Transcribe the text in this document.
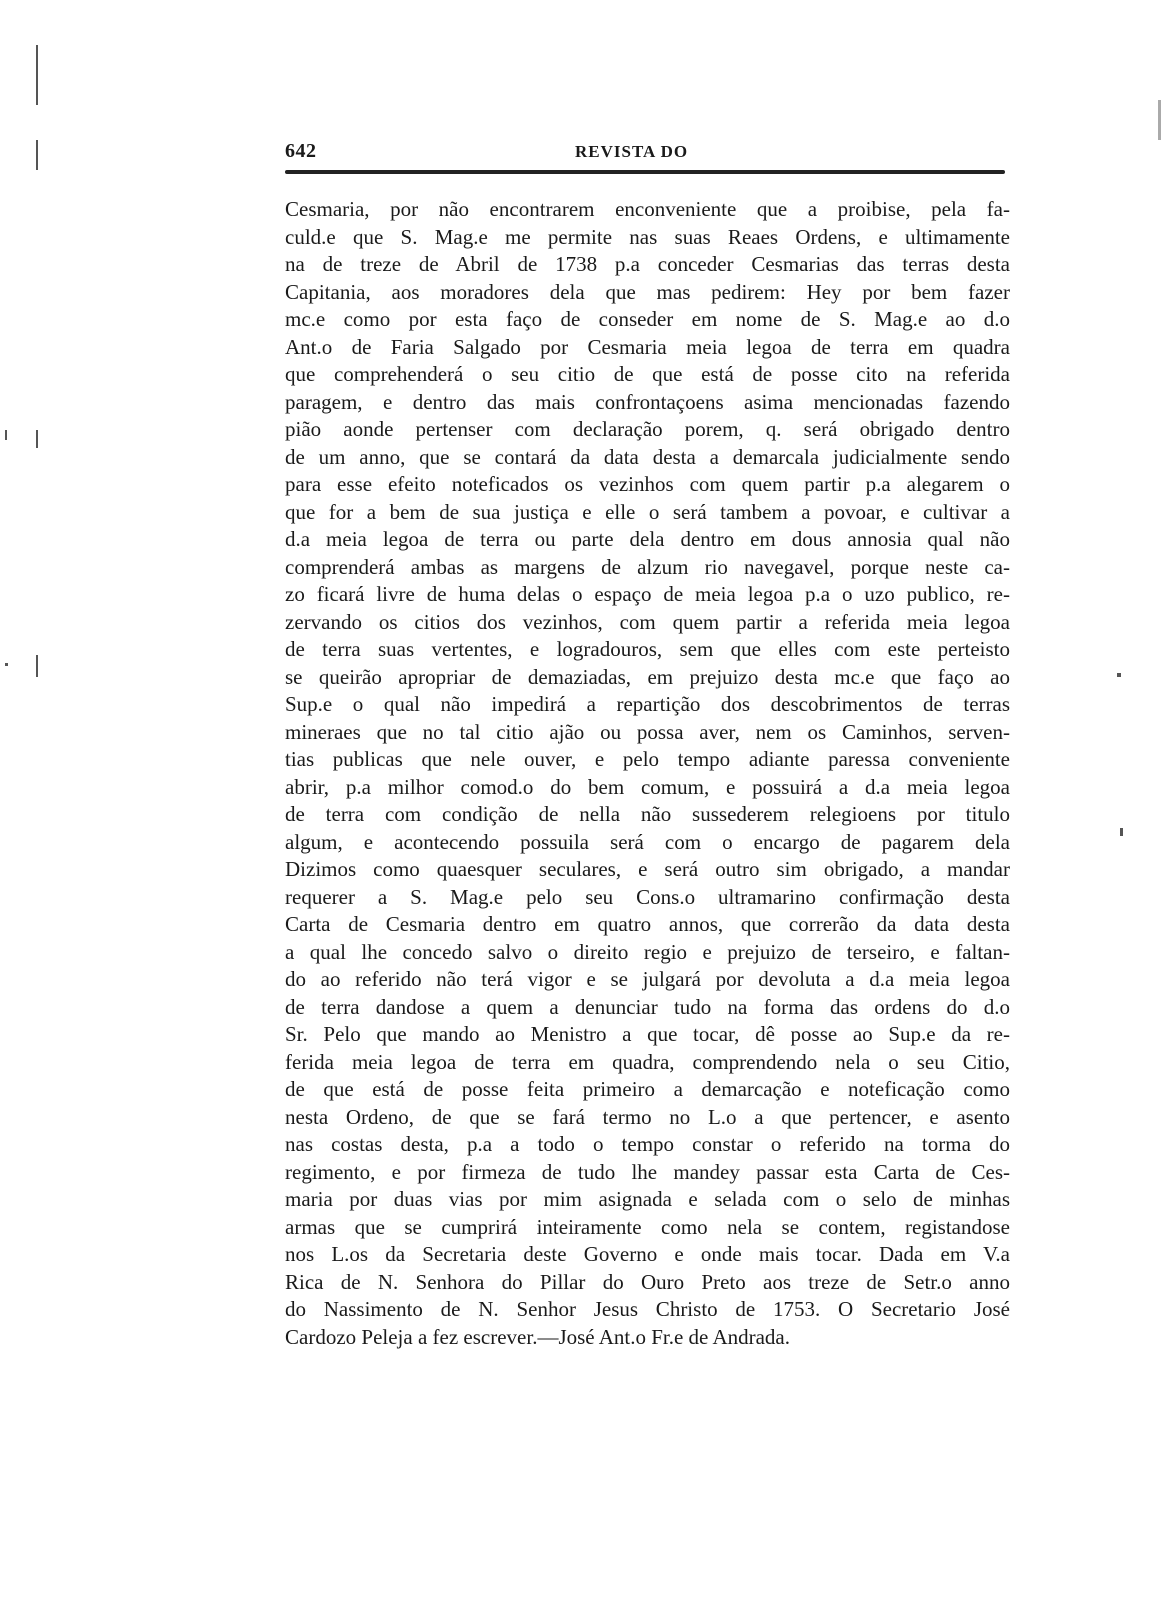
642	REVISTA DO
Cesmaria, por não encontrarem enconveniente que a proibise, pela fa-
culd.e que S. Mag.e me permite nas suas Reaes Ordens, e ultimamente
na de treze de Abril de 1738 p.a conceder Cesmarias das terras desta
Capitania, aos moradores dela que mas pedirem: Hey por bem fazer
mc.e como por esta faço de conseder em nome de S. Mag.e ao d.o
Ant.o de Faria Salgado por Cesmaria meia legoa de terra em quadra
que comprehenderá o seu citio de que está de posse cito na referida
paragem, e dentro das mais confrontaçoens asima mencionadas fazendo
pião aonde pertenser com declaração porem, q. será obrigado dentro
de um anno, que se contará da data desta a demarcala judicialmente sendo
para esse efeito noteficados os vezinhos com quem partir p.a alegarem o
que for a bem de sua justiça e elle o será tambem a povoar, e cultivar a
d.a meia legoa de terra ou parte dela dentro em dous annosia qual não
comprenderá ambas as margens de alzum rio navegavel, porque neste ca-
zo ficará livre de huma delas o espaço de meia legoa p.a o uzo publico, re-
zervando os citios dos vezinhos, com quem partir a referida meia legoa
de terra suas vertentes, e logradouros, sem que elles com este perteisto
se queirão apropriar de demaziadas, em prejuizo desta mc.e que faço ao
Sup.e o qual não impedirá a repartição dos descobrimentos de terras
mineraes que no tal citio ajão ou possa aver, nem os Caminhos, serven-
tias publicas que nele ouver, e pelo tempo adiante paressa conveniente
abrir, p.a milhor comod.o do bem comum, e possuirá a d.a meia legoa
de terra com condição de nella não sussederem relegioens por titulo
algum, e acontecendo possuila será com o encargo de pagarem dela
Dizimos como quaesquer seculares, e será outro sim obrigado, a mandar
requerer a S. Mag.e pelo seu Cons.o ultramarino confirmação desta
Carta de Cesmaria dentro em quatro annos, que correrão da data desta
a qual lhe concedo salvo o direito regio e prejuizo de terseiro, e faltan-
do ao referido não terá vigor e se julgará por devoluta a d.a meia legoa
de terra dandose a quem a denunciar tudo na forma das ordens do d.o
Sr. Pelo que mando ao Menistro a que tocar, dê posse ao Sup.e da re-
ferida meia legoa de terra em quadra, comprendendo nela o seu Citio,
de que está de posse feita primeiro a demarcação e noteficação como
nesta Ordeno, de que se fará termo no L.o a que pertencer, e asento
nas costas desta, p.a a todo o tempo constar o referido na torma do
regimento, e por firmeza de tudo lhe mandey passar esta Carta de Ces-
maria por duas vias por mim asignada e selada com o selo de minhas
armas que se cumprirá inteiramente como nela se contem, registandose
nos L.os da Secretaria deste Governo e onde mais tocar. Dada em V.a
Rica de N. Senhora do Pillar do Ouro Preto aos treze de Setr.o anno
do Nassimento de N. Senhor Jesus Christo de 1753. O Secretario José
Cardozo Peleja a fez escrever.—José Ant.o Fr.e de Andrada.
